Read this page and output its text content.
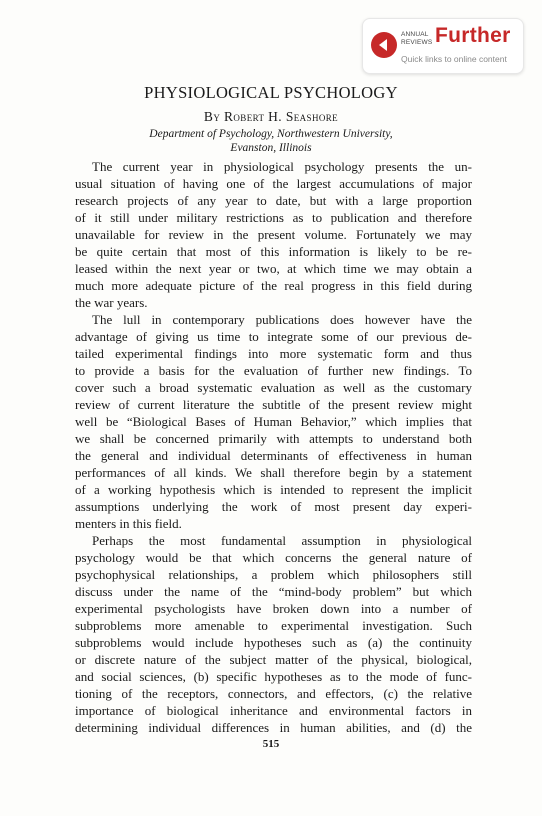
ANNUAL
REVIEWS Further
Quick links to online content
PHYSIOLOGICAL PSYCHOLOGY
By Robert H. Seashore
Department of Psychology, Northwestern University,
Evanston, Illinois
The current year in physiological psychology presents the un-
usual situation of having one of the largest accumulations of major
research projects of any year to date, but with a large proportion
of it still under military restrictions as to publication and therefore
unavailable for review in the present volume. Fortunately we may
be quite certain that most of this information is likely to be re-
leased within the next year or two, at which time we may obtain a
much more adequate picture of the real progress in this field during
the war years.
The lull in contemporary publications does however have the
advantage of giving us time to integrate some of our previous de-
tailed experimental findings into more systematic form and thus
to provide a basis for the evaluation of further new findings. To
cover such a broad systematic evaluation as well as the customary
review of current literature the subtitle of the present review might
well be “Biological Bases of Human Behavior,” which implies that
we shall be concerned primarily with attempts to understand both
the general and individual determinants of effectiveness in human
performances of all kinds. We shall therefore begin by a statement
of a working hypothesis which is intended to represent the implicit
assumptions underlying the work of most present day experi-
menters in this field.
Perhaps the most fundamental assumption in physiological
psychology would be that which concerns the general nature of
psychophysical relationships, a problem which philosophers still
discuss under the name of the “mind-body problem” but which
experimental psychologists have broken down into a number of
subproblems more amenable to experimental investigation. Such
subproblems would include hypotheses such as (a) the continuity
or discrete nature of the subject matter of the physical, biological,
and social sciences, (b) specific hypotheses as to the mode of func-
tioning of the receptors, connectors, and effectors, (c) the relative
importance of biological inheritance and environmental factors in
determining individual differences in human abilities, and (d) the
515
